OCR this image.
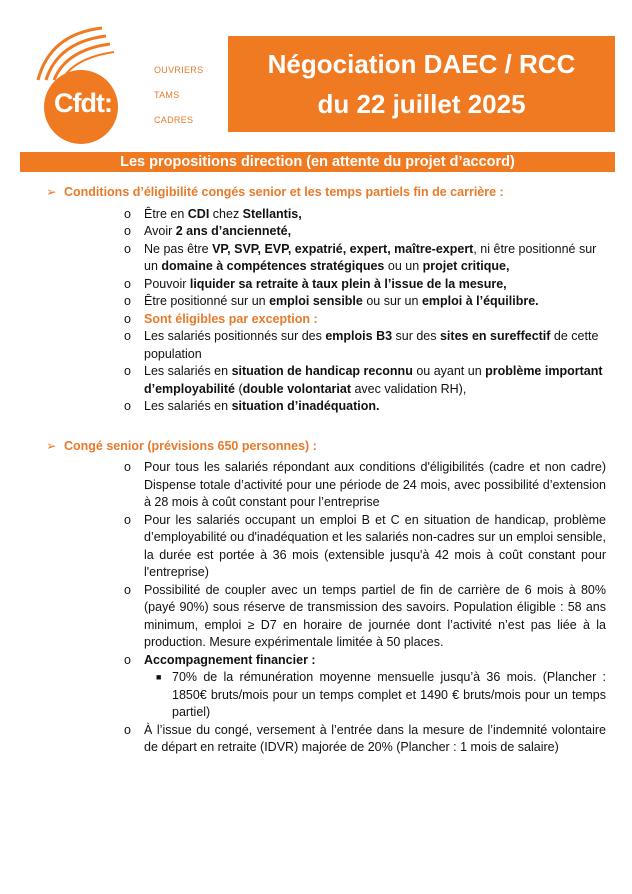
Cfdt:
OUVRIERS
TAMS
CADRES
Négociation DAEC / RCC
du 22 juillet 2025
Les propositions direction (en attente du projet d’accord)
➢ Conditions d’éligibilité congés senior et les temps partiels fin de carrière :
o Être en CDI chez Stellantis,
o Avoir 2 ans d’ancienneté,
o Ne pas être VP, SVP, EVP, expatrié, expert, maître-expert, ni être positionné sur un domaine à compétences stratégiques ou un projet critique,
o Pouvoir liquider sa retraite à taux plein à l’issue de la mesure,
o Être positionné sur un emploi sensible ou sur un emploi à l’équilibre.
o Sont éligibles par exception :
o Les salariés positionnés sur des emplois B3 sur des sites en sureffectif de cette population
o Les salariés en situation de handicap reconnu ou ayant un problème important d’employabilité (double volontariat avec validation RH),
o Les salariés en situation d’inadéquation.
➢ Congé senior (prévisions 650 personnes) :
o Pour tous les salariés répondant aux conditions d'éligibilités (cadre et non cadre) Dispense totale d’activité pour une période de 24 mois, avec possibilité d’extension à 28 mois à coût constant pour l’entreprise
o Pour les salariés occupant un emploi B et C en situation de handicap, problème d’employabilité ou d'inadéquation et les salariés non-cadres sur un emploi sensible, la durée est portée à 36 mois (extensible jusqu'à 42 mois à coût constant pour l'entreprise)
o Possibilité de coupler avec un temps partiel de fin de carrière de 6 mois à 80% (payé 90%) sous réserve de transmission des savoirs. Population éligible : 58 ans minimum, emploi ≥ D7 en horaire de journée dont l’activité n’est pas liée à la production. Mesure expérimentale limitée à 50 places.
o Accompagnement financier :
■ 70% de la rémunération moyenne mensuelle jusqu’à 36 mois. (Plancher : 1850€ bruts/mois pour un temps complet et 1490 € bruts/mois pour un temps partiel)
o À l’issue du congé, versement à l’entrée dans la mesure de l’indemnité volontaire de départ en retraite (IDVR) majorée de 20% (Plancher : 1 mois de salaire)
